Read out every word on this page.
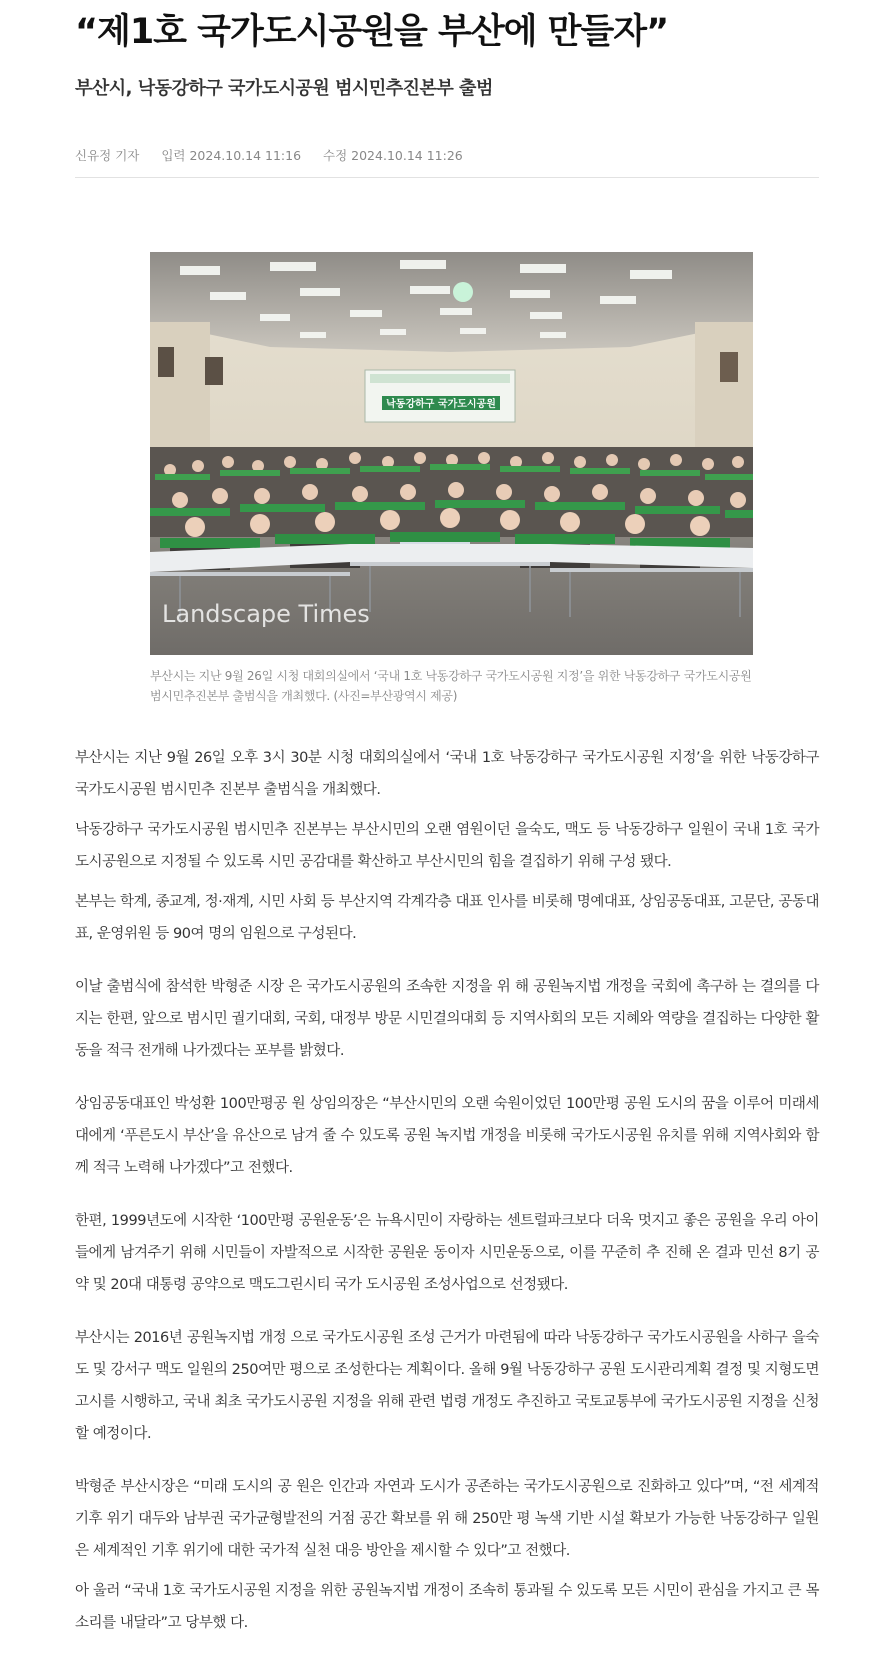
“제1호 국가도시공원을 부산에 만들자”
부산시, 낙동강하구 국가도시공원 범시민추진본부 출범
신유정 기자 입력 2024.10.14 11:16 수정 2024.10.14 11:26
낙동강하구 국가도시공원
Landscape Times
부산시는 지난 9월 26일 시청 대회의실에서 ‘국내 1호 낙동강하구 국가도시공원 지정’을 위한 낙동강하구 국가도시공원 범시민추진본부 출범식을 개최했다. (사진=부산광역시 제공)

부산시는 지난 9월 26일 오후 3시 30분 시청 대회의실에서 ‘국내 1호 낙동강하구 국가도시공원 지정’을 위한 낙동강하구 국가도시공원 범시민추 진본부 출범식을 개최했다.

낙동강하구 국가도시공원 범시민추 진본부는 부산시민의 오랜 염원이던 을숙도, 맥도 등 낙동강하구 일원이 국내 1호 국가도시공원으로 지정될 수 있도록 시민 공감대를 확산하고 부산시민의 힘을 결집하기 위해 구성 됐다.

본부는 학계, 종교계, 정·재계, 시민 사회 등 부산지역 각계각층 대표 인사를 비롯해 명예대표, 상임공동대표, 고문단, 공동대표, 운영위원 등 90여 명의 임원으로 구성된다.

이날 출범식에 참석한 박형준 시장 은 국가도시공원의 조속한 지정을 위 해 공원녹지법 개정을 국회에 촉구하 는 결의를 다지는 한편, 앞으로 범시민 궐기대회, 국회, 대정부 방문 시민결의대회 등 지역사회의 모든 지혜와 역량을 결집하는 다양한 활동을 적극 전개해 나가겠다는 포부를 밝혔다.

상임공동대표인 박성환 100만평공 원 상임의장은 “부산시민의 오랜 숙원이었던 100만평 공원 도시의 꿈을 이루어 미래세대에게 ‘푸른도시 부산’을 유산으로 남겨 줄 수 있도록 공원 녹지법 개정을 비롯해 국가도시공원 유치를 위해 지역사회와 함께 적극 노력해 나가겠다”고 전했다.

한편, 1999년도에 시작한 ‘100만평 공원운동’은 뉴욕시민이 자랑하는 센트럴파크보다 더욱 멋지고 좋은 공원을 우리 아이들에게 남겨주기 위해 시민들이 자발적으로 시작한 공원운 동이자 시민운동으로, 이를 꾸준히 추 진해 온 결과 민선 8기 공약 및 20대 대통령 공약으로 맥도그린시티 국가 도시공원 조성사업으로 선정됐다.

부산시는 2016년 공원녹지법 개정 으로 국가도시공원 조성 근거가 마련됨에 따라 낙동강하구 국가도시공원을 사하구 을숙도 및 강서구 맥도 일원의 250여만 평으로 조성한다는 계획이다. 올해 9월 낙동강하구 공원 도시관리계획 결정 및 지형도면 고시를 시행하고, 국내 최초 국가도시공원 지정을 위해 관련 법령 개정도 추진하고 국토교통부에 국가도시공원 지정을 신청할 예정이다.

박형준 부산시장은 “미래 도시의 공 원은 인간과 자연과 도시가 공존하는 국가도시공원으로 진화하고 있다”며, “전 세계적 기후 위기 대두와 남부권 국가균형발전의 거점 공간 확보를 위 해 250만 평 녹색 기반 시설 확보가 가능한 낙동강하구 일원은 세계적인 기후 위기에 대한 국가적 실천 대응 방안을 제시할 수 있다”고 전했다.

아 울러 “국내 1호 국가도시공원 지정을 위한 공원녹지법 개정이 조속히 통과될 수 있도록 모든 시민이 관심을 가지고 큰 목소리를 내달라”고 당부했 다.
